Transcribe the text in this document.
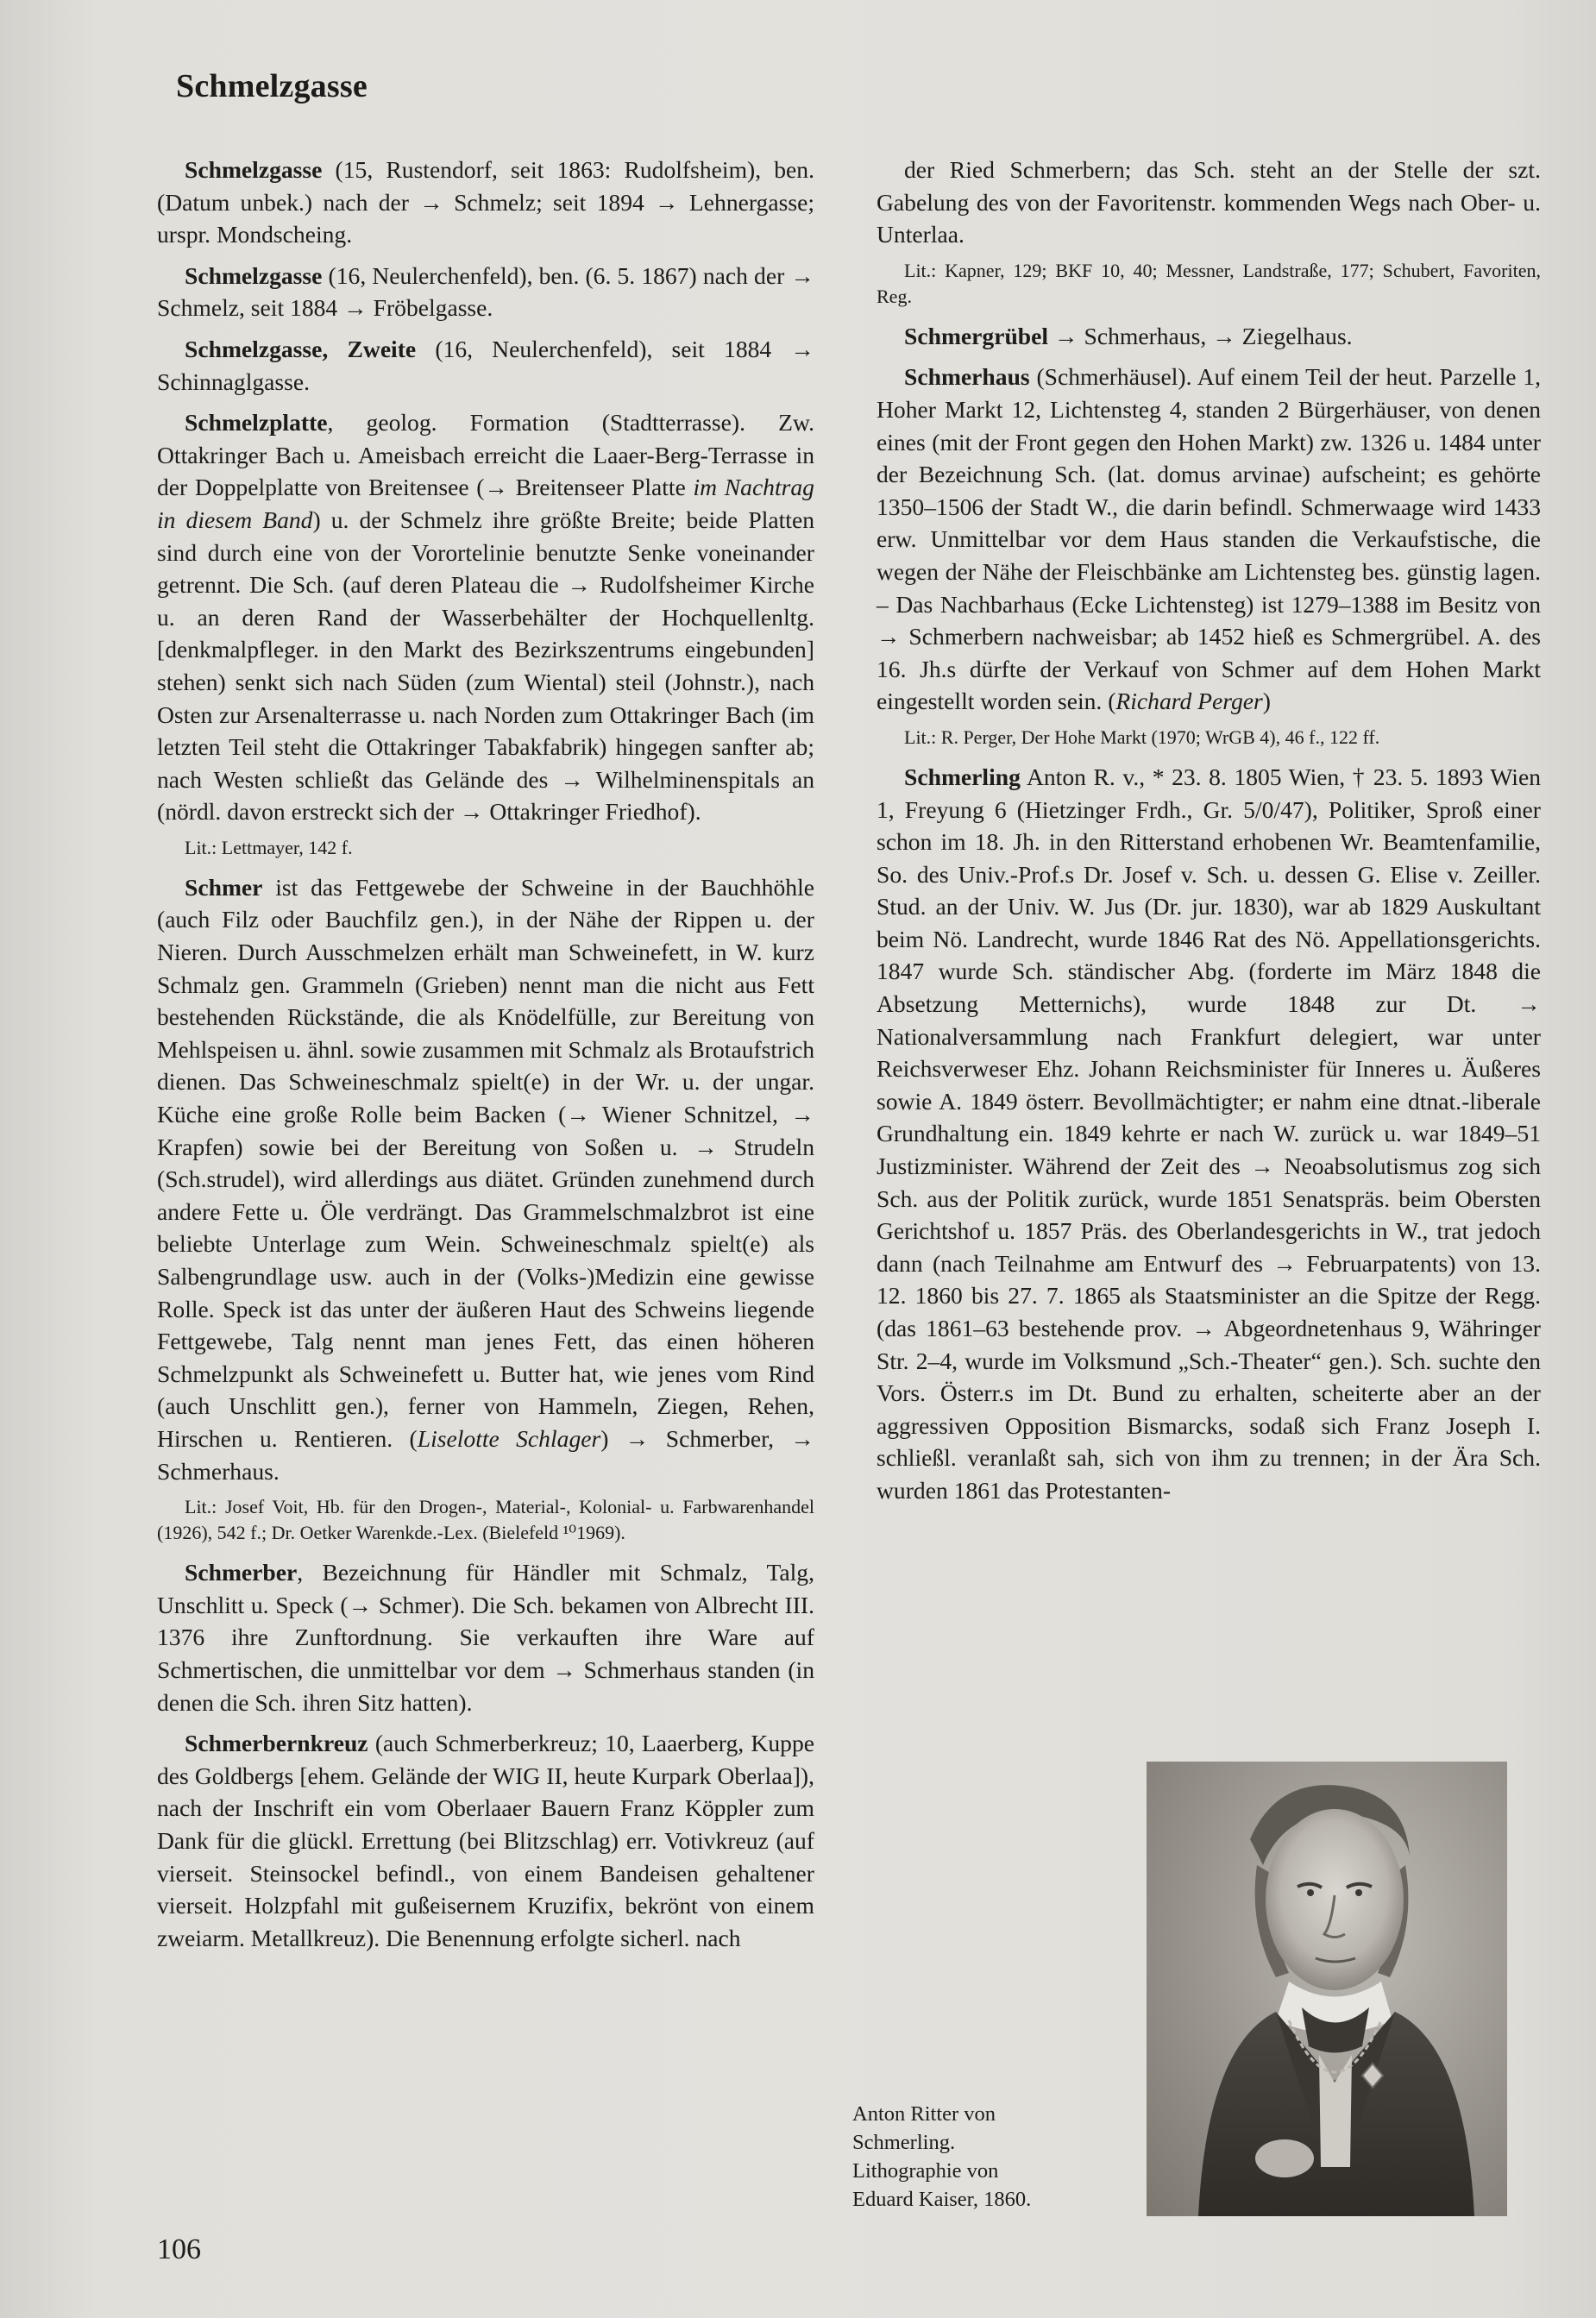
Schmelzgasse

Schmelzgasse (15, Rustendorf, seit 1863: Rudolfsheim), ben. (Datum unbek.) nach der → Schmelz; seit 1894 → Lehnergasse; urspr. Mondscheing.

Schmelzgasse (16, Neulerchenfeld), ben. (6. 5. 1867) nach der → Schmelz, seit 1884 → Fröbelgasse.

Schmelzgasse, Zweite (16, Neulerchenfeld), seit 1884 → Schinnaglgasse.

Schmelzplatte, geolog. Formation (Stadtterrasse). Zw. Ottakringer Bach u. Ameisbach erreicht die Laaer-Berg-Terrasse in der Doppelplatte von Breitensee (→ Breitenseer Platte im Nachtrag in diesem Band) u. der Schmelz ihre größte Breite; beide Platten sind durch eine von der Vorortelinie benutzte Senke voneinander getrennt. Die Sch. (auf deren Plateau die → Rudolfsheimer Kirche u. an deren Rand der Wasserbehälter der Hochquellenltg. [denkmalpfleger. in den Markt des Bezirkszentrums eingebunden] stehen) senkt sich nach Süden (zum Wiental) steil (Johnstr.), nach Osten zur Arsenalterrasse u. nach Norden zum Ottakringer Bach (im letzten Teil steht die Ottakringer Tabakfabrik) hingegen sanfter ab; nach Westen schließt das Gelände des → Wilhelminenspitals an (nördl. davon erstreckt sich der → Ottakringer Friedhof).

Lit.: Lettmayer, 142 f.

Schmer ist das Fettgewebe der Schweine in der Bauchhöhle (auch Filz oder Bauchfilz gen.), in der Nähe der Rippen u. der Nieren. Durch Ausschmelzen erhält man Schweinefett, in W. kurz Schmalz gen. Grammeln (Grieben) nennt man die nicht aus Fett bestehenden Rückstände, die als Knödelfülle, zur Bereitung von Mehlspeisen u. ähnl. sowie zusammen mit Schmalz als Brotaufstrich dienen. Das Schweineschmalz spielt(e) in der Wr. u. der ungar. Küche eine große Rolle beim Backen (→ Wiener Schnitzel, → Krapfen) sowie bei der Bereitung von Soßen u. → Strudeln (Sch.strudel), wird allerdings aus diätet. Gründen zunehmend durch andere Fette u. Öle verdrängt. Das Grammelschmalzbrot ist eine beliebte Unterlage zum Wein. Schweineschmalz spielt(e) als Salbengrundlage usw. auch in der (Volks-)Medizin eine gewisse Rolle. Speck ist das unter der äußeren Haut des Schweins liegende Fettgewebe, Talg nennt man jenes Fett, das einen höheren Schmelzpunkt als Schweinefett u. Butter hat, wie jenes vom Rind (auch Unschlitt gen.), ferner von Hammeln, Ziegen, Rehen, Hirschen u. Rentieren. (Liselotte Schlager) → Schmerber, → Schmerhaus.

Lit.: Josef Voit, Hb. für den Drogen-, Material-, Kolonial- u. Farbwarenhandel (1926), 542 f.; Dr. Oetker Warenkde.-Lex. (Bielefeld ¹⁰1969).

Schmerber, Bezeichnung für Händler mit Schmalz, Talg, Unschlitt u. Speck (→ Schmer). Die Sch. bekamen von Albrecht III. 1376 ihre Zunftordnung. Sie verkauften ihre Ware auf Schmertischen, die unmittelbar vor dem → Schmerhaus standen (in denen die Sch. ihren Sitz hatten).

Schmerbernkreuz (auch Schmerberkreuz; 10, Laaerberg, Kuppe des Goldbergs [ehem. Gelände der WIG II, heute Kurpark Oberlaa]), nach der Inschrift ein vom Oberlaaer Bauern Franz Köppler zum Dank für die glückl. Errettung (bei Blitzschlag) err. Votivkreuz (auf vierseit. Steinsockel befindl., von einem Bandeisen gehaltener vierseit. Holzpfahl mit gußeisernem Kruzifix, bekrönt von einem zweiarm. Metallkreuz). Die Benennung erfolgte sicherl. nach

der Ried Schmerbern; das Sch. steht an der Stelle der szt. Gabelung des von der Favoritenstr. kommenden Wegs nach Ober- u. Unterlaa.

Lit.: Kapner, 129; BKF 10, 40; Messner, Landstraße, 177; Schubert, Favoriten, Reg.

Schmergrübel → Schmerhaus, → Ziegelhaus.

Schmerhaus (Schmerhäusel). Auf einem Teil der heut. Parzelle 1, Hoher Markt 12, Lichtensteg 4, standen 2 Bürgerhäuser, von denen eines (mit der Front gegen den Hohen Markt) zw. 1326 u. 1484 unter der Bezeichnung Sch. (lat. domus arvinae) aufscheint; es gehörte 1350–1506 der Stadt W., die darin befindl. Schmerwaage wird 1433 erw. Unmittelbar vor dem Haus standen die Verkaufstische, die wegen der Nähe der Fleischbänke am Lichtensteg bes. günstig lagen. – Das Nachbarhaus (Ecke Lichtensteg) ist 1279–1388 im Besitz von → Schmerbern nachweisbar; ab 1452 hieß es Schmergrübel. A. des 16. Jh.s dürfte der Verkauf von Schmer auf dem Hohen Markt eingestellt worden sein. (Richard Perger)

Lit.: R. Perger, Der Hohe Markt (1970; WrGB 4), 46 f., 122 ff.

Schmerling Anton R. v., * 23. 8. 1805 Wien, † 23. 5. 1893 Wien 1, Freyung 6 (Hietzinger Frdh., Gr. 5/0/47), Politiker, Sproß einer schon im 18. Jh. in den Ritterstand erhobenen Wr. Beamtenfamilie, So. des Univ.-Prof.s Dr. Josef v. Sch. u. dessen G. Elise v. Zeiller. Stud. an der Univ. W. Jus (Dr. jur. 1830), war ab 1829 Auskultant beim Nö. Landrecht, wurde 1846 Rat des Nö. Appellationsgerichts. 1847 wurde Sch. ständischer Abg. (forderte im März 1848 die Absetzung Metternichs), wurde 1848 zur Dt. → Nationalversammlung nach Frankfurt delegiert, war unter Reichsverweser Ehz. Johann Reichsminister für Inneres u. Äußeres sowie A. 1849 österr. Bevollmächtigter; er nahm eine dtnat.-liberale Grundhaltung ein. 1849 kehrte er nach W. zurück u. war 1849–51 Justizminister. Während der Zeit des → Neoabsolutismus zog sich Sch. aus der Politik zurück, wurde 1851 Senatspräs. beim Obersten Gerichtshof u. 1857 Präs. des Oberlandesgerichts in W., trat jedoch dann (nach Teilnahme am Entwurf des → Februarpatents) von 13. 12. 1860 bis 27. 7. 1865 als Staatsminister an die Spitze der Regg. (das 1861–63 bestehende prov. → Abgeordnetenhaus 9, Währinger Str. 2–4, wurde im Volksmund „Sch.-Theater“ gen.). Sch. suchte den Vors. Österr.s im Dt. Bund zu erhalten, scheiterte aber an der aggressiven Opposition Bismarcks, sodaß sich Franz Joseph I. schließl. veranlaßt sah, sich von ihm zu trennen; in der Ära Sch. wurden 1861 das Protestanten-

Anton Ritter von
Schmerling.
Lithographie von
Eduard Kaiser, 1860.
106
